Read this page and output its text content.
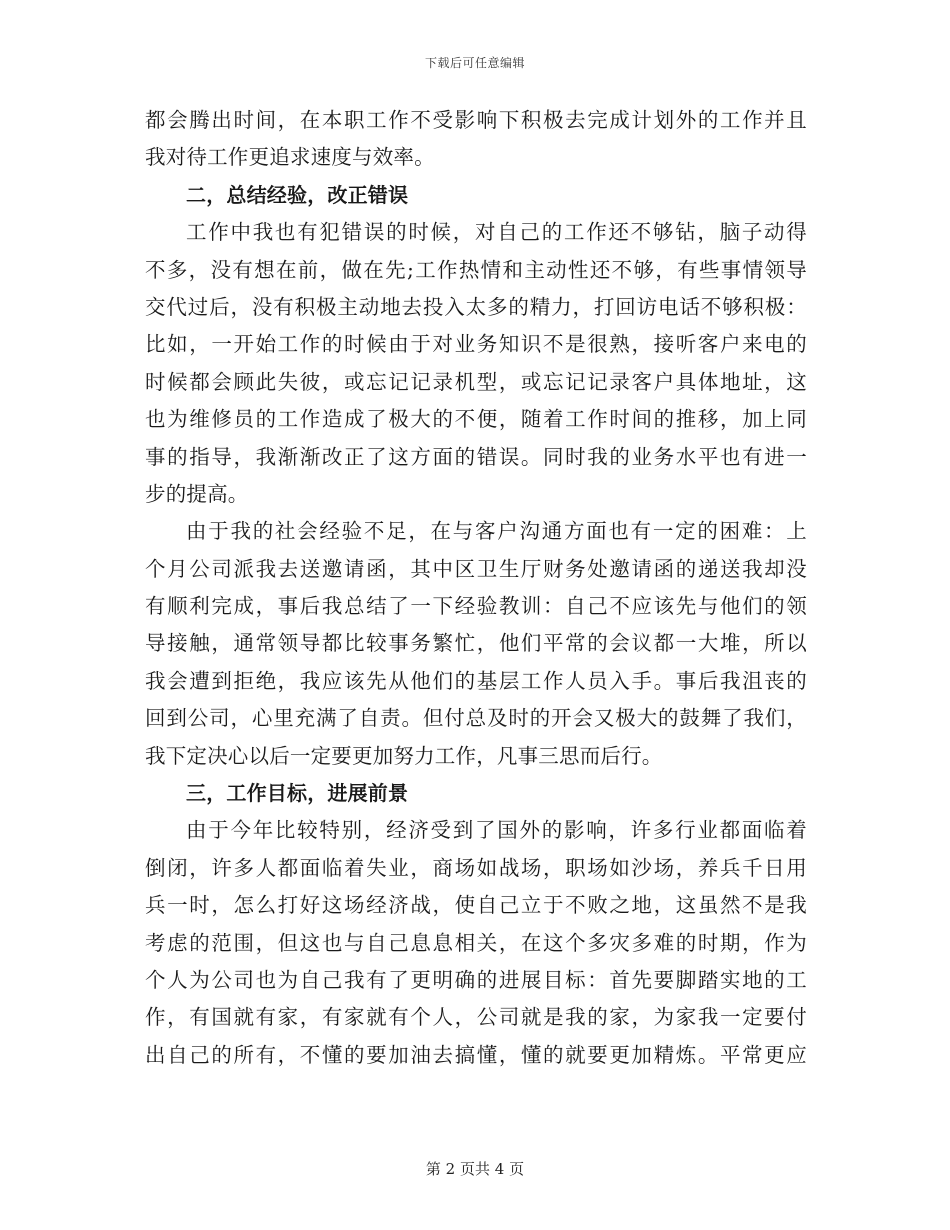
下载后可任意编辑
都会腾出时间，在本职工作不受影响下积极去完成计划外的工作并且
我对待工作更追求速度与效率。
二，总结经验，改正错误
工作中我也有犯错误的时候，对自己的工作还不够钻，脑子动得
不多，没有想在前，做在先;工作热情和主动性还不够，有些事情领导
交代过后，没有积极主动地去投入太多的精力，打回访电话不够积极：
比如，一开始工作的时候由于对业务知识不是很熟，接听客户来电的
时候都会顾此失彼，或忘记记录机型，或忘记记录客户具体地址，这
也为维修员的工作造成了极大的不便，随着工作时间的推移，加上同
事的指导，我渐渐改正了这方面的错误。同时我的业务水平也有进一
步的提高。
由于我的社会经验不足，在与客户沟通方面也有一定的困难：上
个月公司派我去送邀请函，其中区卫生厅财务处邀请函的递送我却没
有顺利完成，事后我总结了一下经验教训：自己不应该先与他们的领
导接触，通常领导都比较事务繁忙，他们平常的会议都一大堆，所以
我会遭到拒绝，我应该先从他们的基层工作人员入手。事后我沮丧的
回到公司，心里充满了自责。但付总及时的开会又极大的鼓舞了我们，
我下定决心以后一定要更加努力工作，凡事三思而后行。
三，工作目标，进展前景
由于今年比较特别，经济受到了国外的影响，许多行业都面临着
倒闭，许多人都面临着失业，商场如战场，职场如沙场，养兵千日用
兵一时，怎么打好这场经济战，使自己立于不败之地，这虽然不是我
考虑的范围，但这也与自己息息相关，在这个多灾多难的时期，作为
个人为公司也为自己我有了更明确的进展目标：首先要脚踏实地的工
作，有国就有家，有家就有个人，公司就是我的家，为家我一定要付
出自己的所有，不懂的要加油去搞懂，懂的就要更加精炼。平常更应
第 2 页共 4 页
